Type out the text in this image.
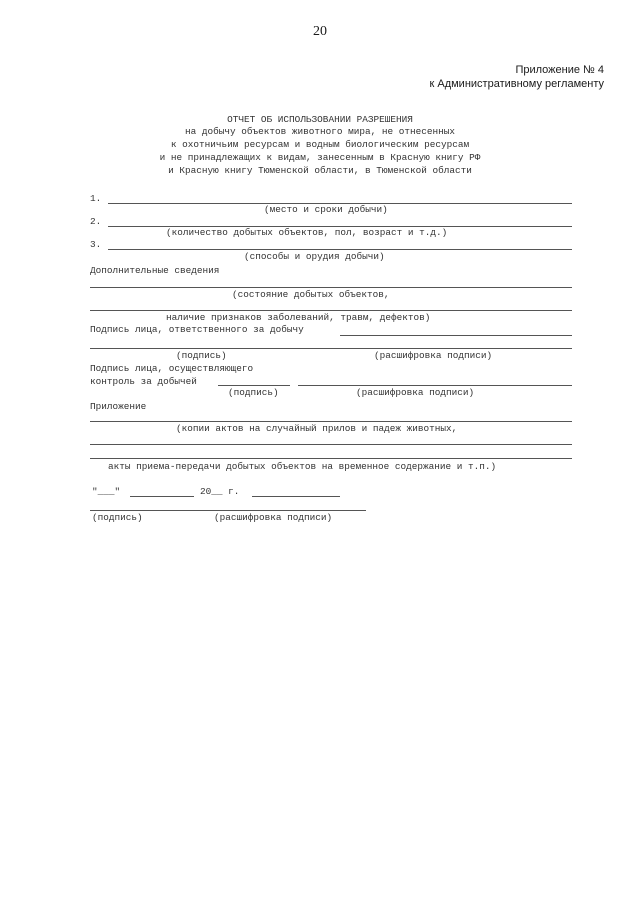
20
Приложение № 4
к Административному регламенту
ОТЧЕТ ОБ ИСПОЛЬЗОВАНИИ РАЗРЕШЕНИЯ
на добычу объектов животного мира, не отнесенных
к охотничьим ресурсам и водным биологическим ресурсам
и не принадлежащих к видам, занесенным в Красную книгу РФ
и Красную книгу Тюменской области, в Тюменской области
1.
(место и сроки добычи)
2.
(количество добытых объектов, пол, возраст и т.д.)
3.
(способы и орудия добычи)
Дополнительные сведения
(состояние добытых объектов,
наличие признаков заболеваний, травм, дефектов)
Подпись лица, ответственного за добычу
(подпись)	(расшифровка подписи)
Подпись лица, осуществляющего
контроль за добычей
(подпись)	(расшифровка подписи)
Приложение
(копии актов на случайный прилов и падеж животных,
акты приема-передачи добытых объектов на временное содержание и т.п.)
"___"	20__ г.
(подпись)	(расшифровка подписи)
